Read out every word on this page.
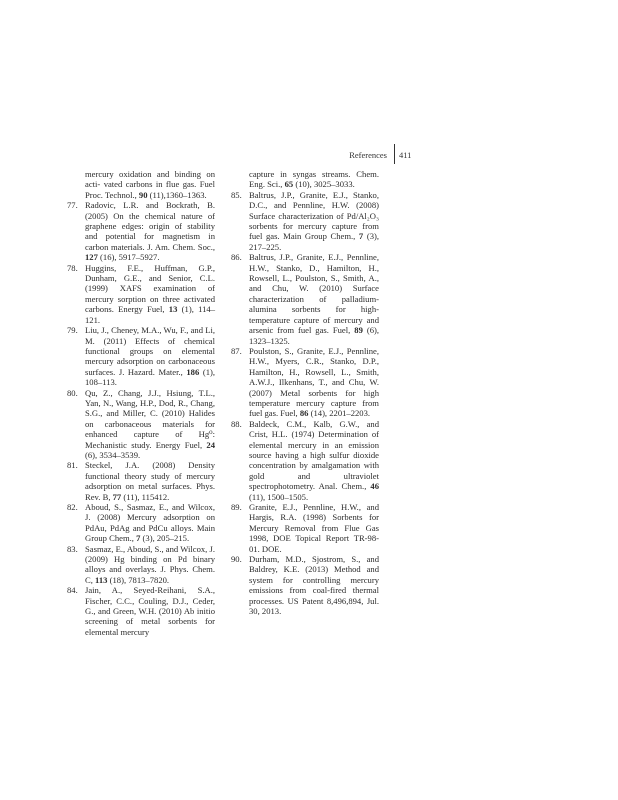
References 411
mercury oxidation and binding on acti- vated carbons in flue gas. Fuel Proc. Technol., 90 (11),1360–1363.
77. Radovic, L.R. and Bockrath, B. (2005) On the chemical nature of graphene edges: origin of stability and potential for magnetism in carbon materials. J. Am. Chem. Soc., 127 (16), 5917–5927.
78. Huggins, F.E., Huffman, G.P., Dunham, G.E., and Senior, C.L. (1999) XAFS examination of mercury sorption on three activated carbons. Energy Fuel, 13 (1), 114–121.
79. Liu, J., Cheney, M.A., Wu, F., and Li, M. (2011) Effects of chemical functional groups on elemental mercury adsorption on carbonaceous surfaces. J. Hazard. Mater., 186 (1), 108–113.
80. Qu, Z., Chang, J.J., Hsiung, T.L., Yan, N., Wang, H.P., Dod, R., Chang, S.G., and Miller, C. (2010) Halides on carbonaceous materials for enhanced capture of Hg⁰: Mechanistic study. Energy Fuel, 24 (6), 3534–3539.
81. Steckel, J.A. (2008) Density functional theory study of mercury adsorption on metal surfaces. Phys. Rev. B, 77 (11), 115412.
82. Aboud, S., Sasmaz, E., and Wilcox, J. (2008) Mercury adsorption on PdAu, PdAg and PdCu alloys. Main Group Chem., 7 (3), 205–215.
83. Sasmaz, E., Aboud, S., and Wilcox, J. (2009) Hg binding on Pd binary alloys and overlays. J. Phys. Chem. C, 113 (18), 7813–7820.
84. Jain, A., Seyed-Reihani, S.A., Fischer, C.C., Couling, D.J., Ceder, G., and Green, W.H. (2010) Ab initio screening of metal sorbents for elemental mercury
capture in syngas streams. Chem. Eng. Sci., 65 (10), 3025–3033.
85. Baltrus, J.P., Granite, E.J., Stanko, D.C., and Pennline, H.W. (2008) Surface characterization of Pd/Al₂O₃ sorbents for mercury capture from fuel gas. Main Group Chem., 7 (3), 217–225.
86. Baltrus, J.P., Granite, E.J., Pennline, H.W., Stanko, D., Hamilton, H., Rowsell, L., Poulston, S., Smith, A., and Chu, W. (2010) Surface characterization of palladium-alumina sorbents for high-temperature capture of mercury and arsenic from fuel gas. Fuel, 89 (6), 1323–1325.
87. Poulston, S., Granite, E.J., Pennline, H.W., Myers, C.R., Stanko, D.P., Hamilton, H., Rowsell, L., Smith, A.W.J., Ilkenhans, T., and Chu, W. (2007) Metal sorbents for high temperature mercury capture from fuel gas. Fuel, 86 (14), 2201–2203.
88. Baldeck, C.M., Kalb, G.W., and Crist, H.L. (1974) Determination of elemental mercury in an emission source having a high sulfur dioxide concentration by amalgamation with gold and ultraviolet spectrophotometry. Anal. Chem., 46 (11), 1500–1505.
89. Granite, E.J., Pennline, H.W., and Hargis, R.A. (1998) Sorbents for Mercury Removal from Flue Gas 1998, DOE Topical Report TR-98-01. DOE.
90. Durham, M.D., Sjostrom, S., and Baldrey, K.E. (2013) Method and system for controlling mercury emissions from coal-fired thermal processes. US Patent 8,496,894, Jul. 30, 2013.
